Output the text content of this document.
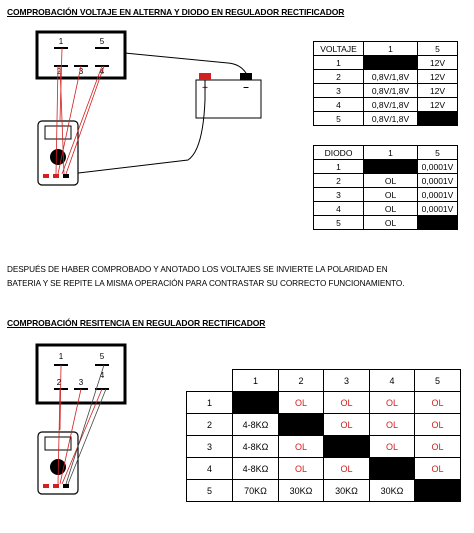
COMPROBACIÓN VOLTAJE EN ALTERNA Y DIODO EN REGULADOR RECTIFICADOR
1	5
2 3 4
+	–
VOLTAJE	1	5
1		12V
2	0,8V/1,8V	12V
3	0,8V/1,8V	12V
4	0,8V/1,8V	12V
5	0,8V/1,8V	
DIODO	1	5
1		0,0001V
2	OL	0,0001V
3	OL	0,0001V
4	OL	0,0001V
5	OL	
DESPUÉS DE HABER COMPROBADO Y ANOTADO LOS VOLTAJES SE INVIERTE LA POLARIDAD EN
BATERIA Y SE REPITE LA MISMA OPERACIÓN PARA CONTRASTAR SU CORRECTO FUNCIONAMIENTO.
COMPROBACIÓN RESITENCIA EN REGULADOR RECTIFICADOR
1	5
2 3
4
		1	2	3	4	5
1		OL	OL	OL	OL
2	4-8KΩ		OL	OL	OL
3	4-8KΩ	OL		OL	OL
4	4-8KΩ	OL	OL		OL
5	70KΩ	30KΩ	30KΩ	30KΩ	
